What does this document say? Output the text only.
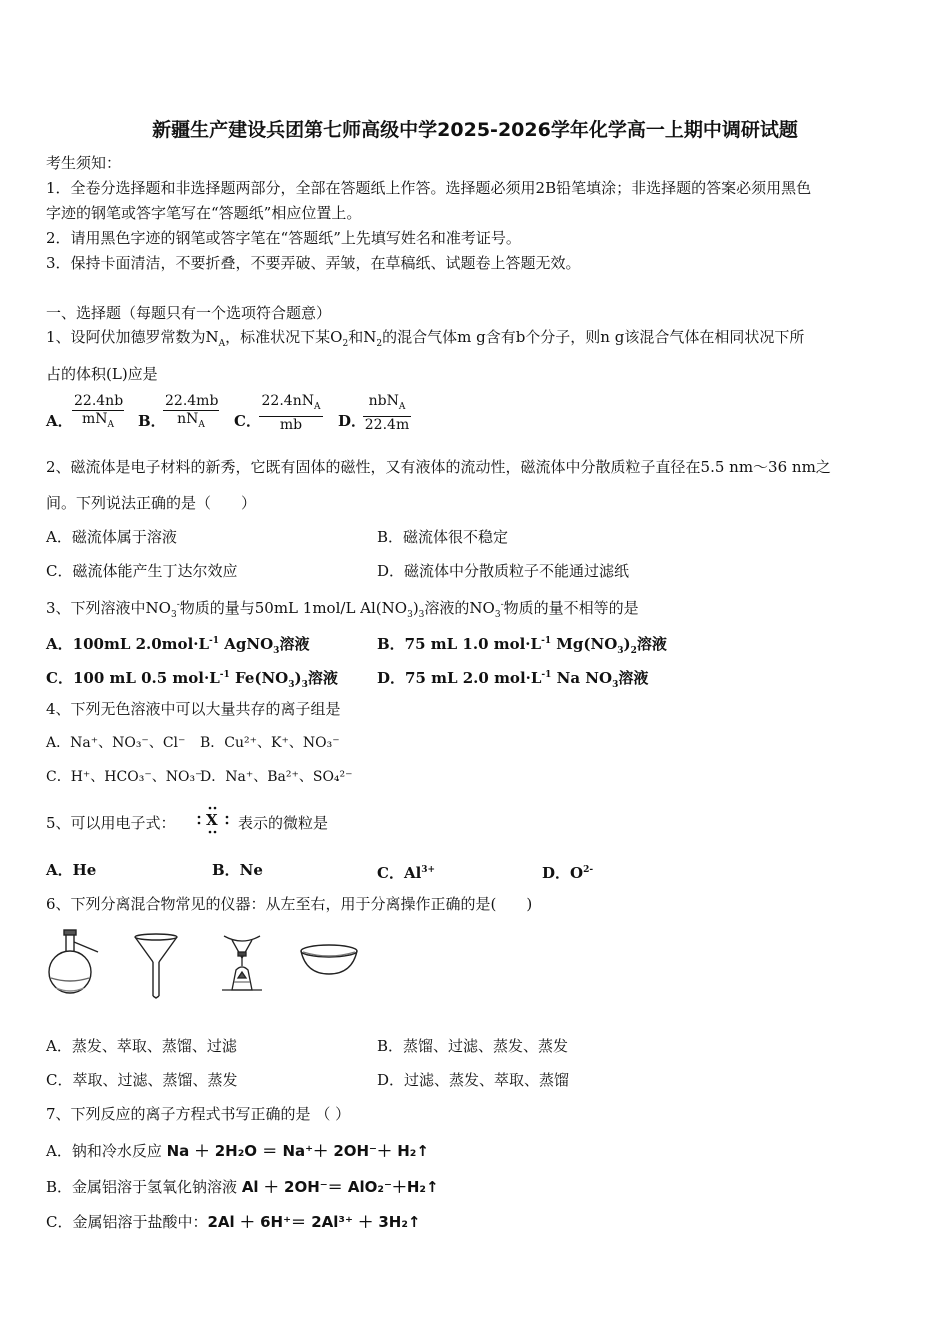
新疆生产建设兵团第七师高级中学2025-2026学年化学高一上期中调研试题
考生须知：
1．全卷分选择题和非选择题两部分，全部在答题纸上作答。选择题必须用2B铅笔填涂；非选择题的答案必须用黑色
字迹的钢笔或答字笔写在“答题纸”相应位置上。
2．请用黑色字迹的钢笔或答字笔在“答题纸”上先填写姓名和准考证号。
3．保持卡面清洁，不要折叠，不要弄破、弄皱，在草稿纸、试题卷上答题无效。
一、选择题（每题只有一个选项符合题意）
1、设阿伏加德罗常数为$N_A$，标准状况下某$O_2$和$N_2$的混合气体m g含有b个分子，则n g该混合气体在相同状况下所
占的体积(L)应是
A．
22.4nb
$mN_A$	B．
22.4mb
$nN_A$	C．
$22.4nN_A$
mb	D．
nbN$_A$
22.4m
2、磁流体是电子材料的新秀，它既有固体的磁性，又有液体的流动性，磁流体中分散质粒子直径在5.5 nm～36 nm之
间。下列说法正确的是（　　）
A．磁流体属于溶液	B．磁流体很不稳定
C．磁流体能产生丁达尔效应	D．磁流体中分散质粒子不能通过滤纸
3、下列溶液中$NO_3^-$物质的量与50mL 1mol/L $Al(NO_3)_3$溶液的$NO_3^-$物质的量不相等的是
A．100mL $2.0mol\cdot L^{-1}$ AgNO$_3$溶液	B．75 mL 1.0 $mol\cdot L^{-1}$ $Mg(NO_3)_2$溶液
C．100 mL 0.5 $mol\cdot L^{-1}$ $Fe(NO_3)_3$溶液	D．75 mL 2.0 $mol\cdot L^{-1}$ Na $NO_3$溶液
4、下列无色溶液中可以大量共存的离子组是
A．Na⁺、NO₃⁻、Cl⁻ B．Cu²⁺、K⁺、NO₃⁻
C．H⁺、HCO₃⁻、NO₃⁻
D．Na⁺、Ba²⁺、SO₄²⁻
5、可以用电子式： X 表示的微粒是
A．He	B．Ne	C．$Al^{3+}$	D．$O^{2-}$
6、下列分离混合物常见的仪器：从左至右，用于分离操作正确的是(　　)
A．蒸发、萃取、蒸馏、过滤	B．蒸馏、过滤、蒸发、蒸发
C．萃取、过滤、蒸馏、蒸发	D．过滤、蒸发、萃取、蒸馏
7、下列反应的离子方程式书写正确的是 （ ）
A．钠和冷水反应 Na ＋ 2H₂O ＝ Na⁺＋ 2OH⁻＋ H₂↑
B．金属铝溶于氢氧化钠溶液 Al ＋ 2OH⁻＝ AlO₂⁻＋H₂↑
C．金属铝溶于盐酸中：2Al ＋ 6H⁺＝ 2Al³⁺ ＋ 3H₂↑
